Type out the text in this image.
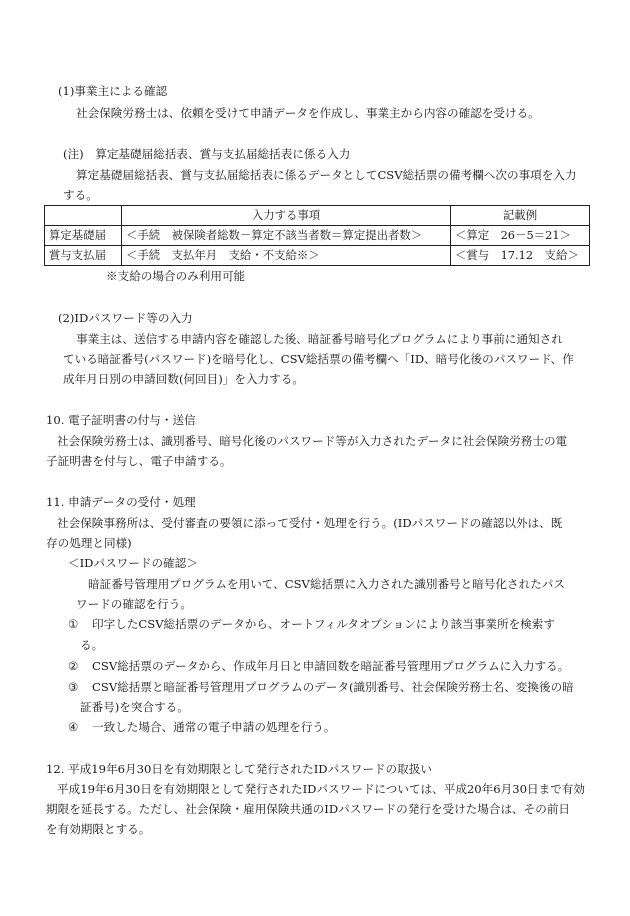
(1)事業主による確認
社会保険労務士は、依頼を受けて申請データを作成し、事業主から内容の確認を受ける。
(注)　算定基礎届総括表、賞与支払届総括表に係る入力
算定基礎届総括表、賞与支払届総括表に係るデータとしてCSV総括票の備考欄へ次の事項を入力
する。
	入力する事項	記載例
算定基礎届	＜手続　被保険者総数－算定不該当者数＝算定提出者数＞	＜算定　26－5＝21＞
賞与支払届	＜手続　支払年月　支給・不支給※＞	＜賞与　17.12　支給＞
※支給の場合のみ利用可能
(2)IDパスワード等の入力
事業主は、送信する申請内容を確認した後、暗証番号暗号化プログラムにより事前に通知され
ている暗証番号(パスワード)を暗号化し、CSV総括票の備考欄へ「ID、暗号化後のパスワード、作
成年月日別の申請回数(何回目)」を入力する。
10. 電子証明書の付与・送信
社会保険労務士は、識別番号、暗号化後のパスワード等が入力されたデータに社会保険労務士の電
子証明書を付与し、電子申請する。
11. 申請データの受付・処理
社会保険事務所は、受付審査の要領に添って受付・処理を行う。(IDパスワードの確認以外は、既
存の処理と同様)
＜IDパスワードの確認＞
暗証番号管理用プログラムを用いて、CSV総括票に入力された識別番号と暗号化されたパス
ワードの確認を行う。
① 印字したCSV総括票のデータから、オートフィルタオプションにより該当事業所を検索す
る。
② CSV総括票のデータから、作成年月日と申請回数を暗証番号管理用プログラムに入力する。
③ CSV総括票と暗証番号管理用プログラムのデータ(識別番号、社会保険労務士名、変換後の暗
証番号)を突合する。
④ 一致した場合、通常の電子申請の処理を行う。
12. 平成19年6月30日を有効期限として発行されたIDパスワードの取扱い
平成19年6月30日を有効期限として発行されたIDパスワードについては、平成20年6月30日まで有効
期限を延長する。ただし、社会保険・雇用保険共通のIDパスワードの発行を受けた場合は、その前日
を有効期限とする。
